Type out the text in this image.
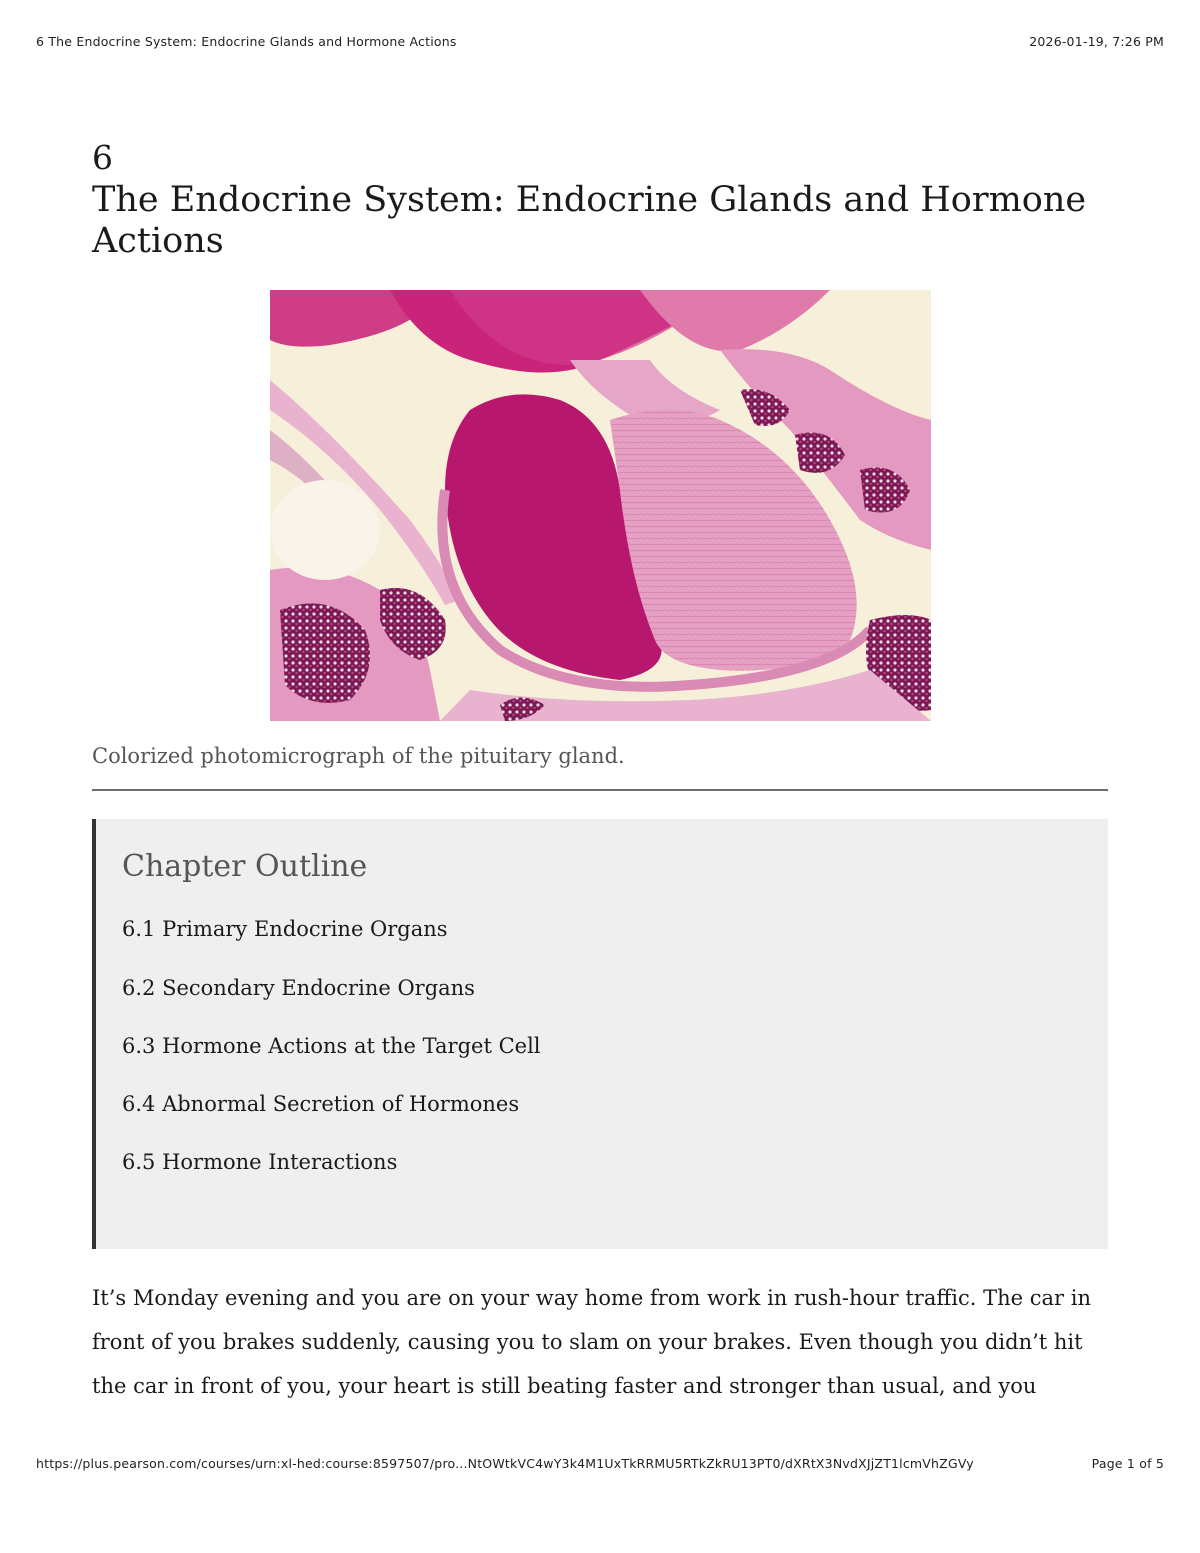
6 The Endocrine System: Endocrine Glands and Hormone Actions	2026-01-19, 7:26 PM
6
The Endocrine System: Endocrine Glands and Hormone Actions

Colorized photomicrograph of the pituitary gland.

Chapter Outline
6.1 Primary Endocrine Organs
6.2 Secondary Endocrine Organs
6.3 Hormone Actions at the Target Cell
6.4 Abnormal Secretion of Hormones
6.5 Hormone Interactions

It’s Monday evening and you are on your way home from work in rush-hour traffic. The car in front of you brakes suddenly, causing you to slam on your brakes. Even though you didn’t hit the car in front of you, your heart is still beating faster and stronger than usual, and you

https://plus.pearson.com/courses/urn:xl-hed:course:8597507/pro...NtOWtkVC4wY3k4M1UxTkRRMU5RTkZkRU13PT0/dXRtX3NvdXJjZT1lcmVhZGVy	Page 1 of 5
